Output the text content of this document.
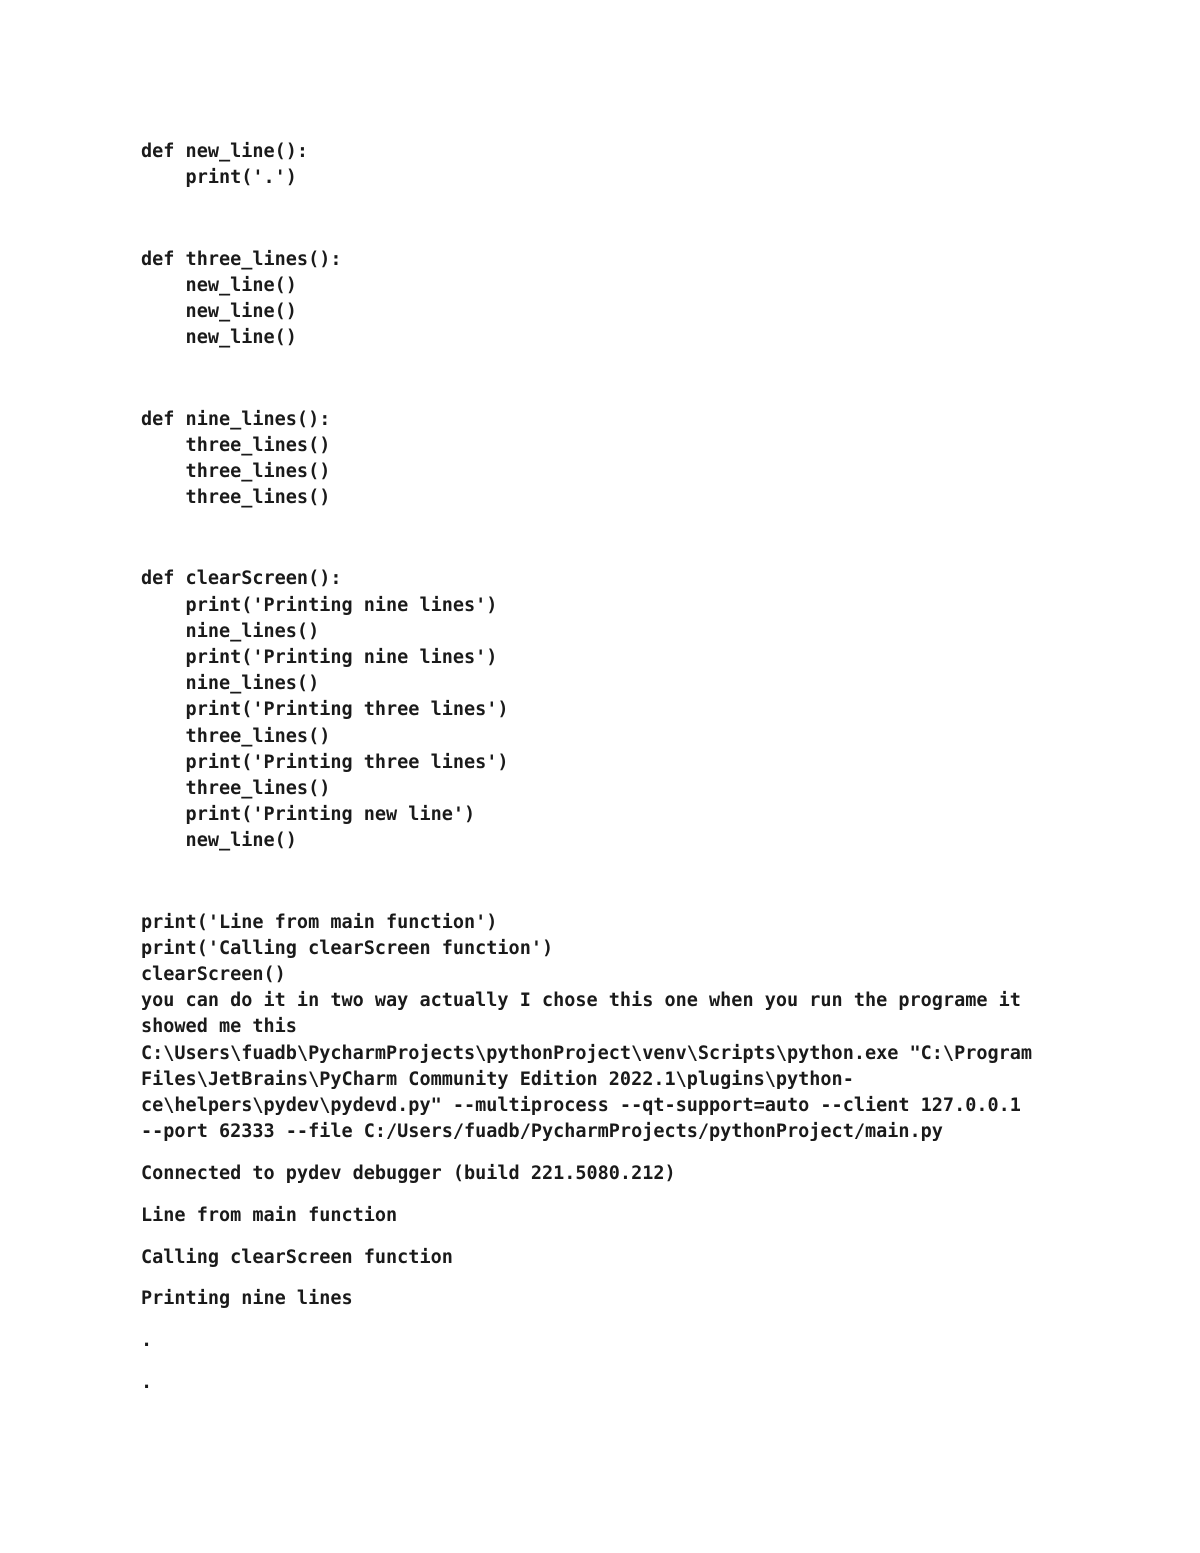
def new_line():
print('.')
def three_lines():
new_line()
new_line()
new_line()
def nine_lines():
three_lines()
three_lines()
three_lines()
def clearScreen():
print('Printing nine lines')
nine_lines()
print('Printing nine lines')
nine_lines()
print('Printing three lines')
three_lines()
print('Printing three lines')
three_lines()
print('Printing new line')
new_line()
print('Line from main function')
print('Calling clearScreen function')
clearScreen()
you can do it in two way actually I chose this one when you run the programe it
showed me this
C:\Users\fuadb\PycharmProjects\pythonProject\venv\Scripts\python.exe "C:\Program
Files\JetBrains\PyCharm Community Edition 2022.1\plugins\python-
ce\helpers\pydev\pydevd.py" --multiprocess --qt-support=auto --client 127.0.0.1
--port 62333 --file C:/Users/fuadb/PycharmProjects/pythonProject/main.py
Connected to pydev debugger (build 221.5080.212)
Line from main function
Calling clearScreen function
Printing nine lines
.
.
